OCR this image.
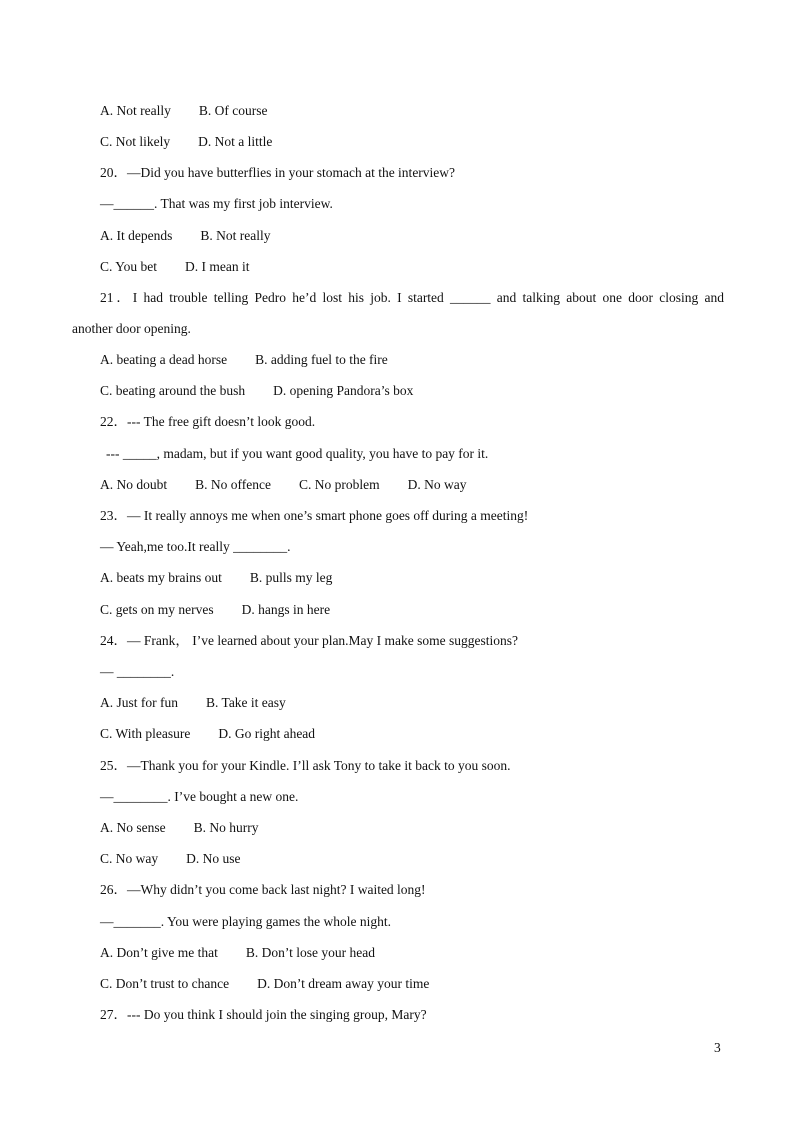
A. Not really B. Of course
C. Not likely D. Not a little
20．—Did you have butterflies in your stomach at the interview?
—______. That was my first job interview.
A. It depends B. Not really
C. You bet D. I mean it
21．I had trouble telling Pedro he’d lost his job. I started ______ and talking about one door closing and
another door opening.
A. beating a dead horse B. adding fuel to the fire
C. beating around the bush D. opening Pandora’s box
22．--- The free gift doesn’t look good.
--- _____, madam, but if you want good quality, you have to pay for it.
A. No doubt B. No offence C. No problem D. No way
23．— It really annoys me when one’s smart phone goes off during a meeting!
— Yeah,me too.It really ________.
A. beats my brains out B. pulls my leg
C. gets on my nerves D. hangs in here
24．— Frank， I’ve learned about your plan.May I make some suggestions?
— ________.
A. Just for fun B. Take it easy
C. With pleasure D. Go right ahead
25．—Thank you for your Kindle. I’ll ask Tony to take it back to you soon.
—________. I’ve bought a new one.
A. No sense B. No hurry
C. No way D. No use
26．—Why didn’t you come back last night? I waited long!
—_______. You were playing games the whole night.
A. Don’t give me that B. Don’t lose your head
C. Don’t trust to chance D. Don’t dream away your time
27．--- Do you think I should join the singing group, Mary?
3
